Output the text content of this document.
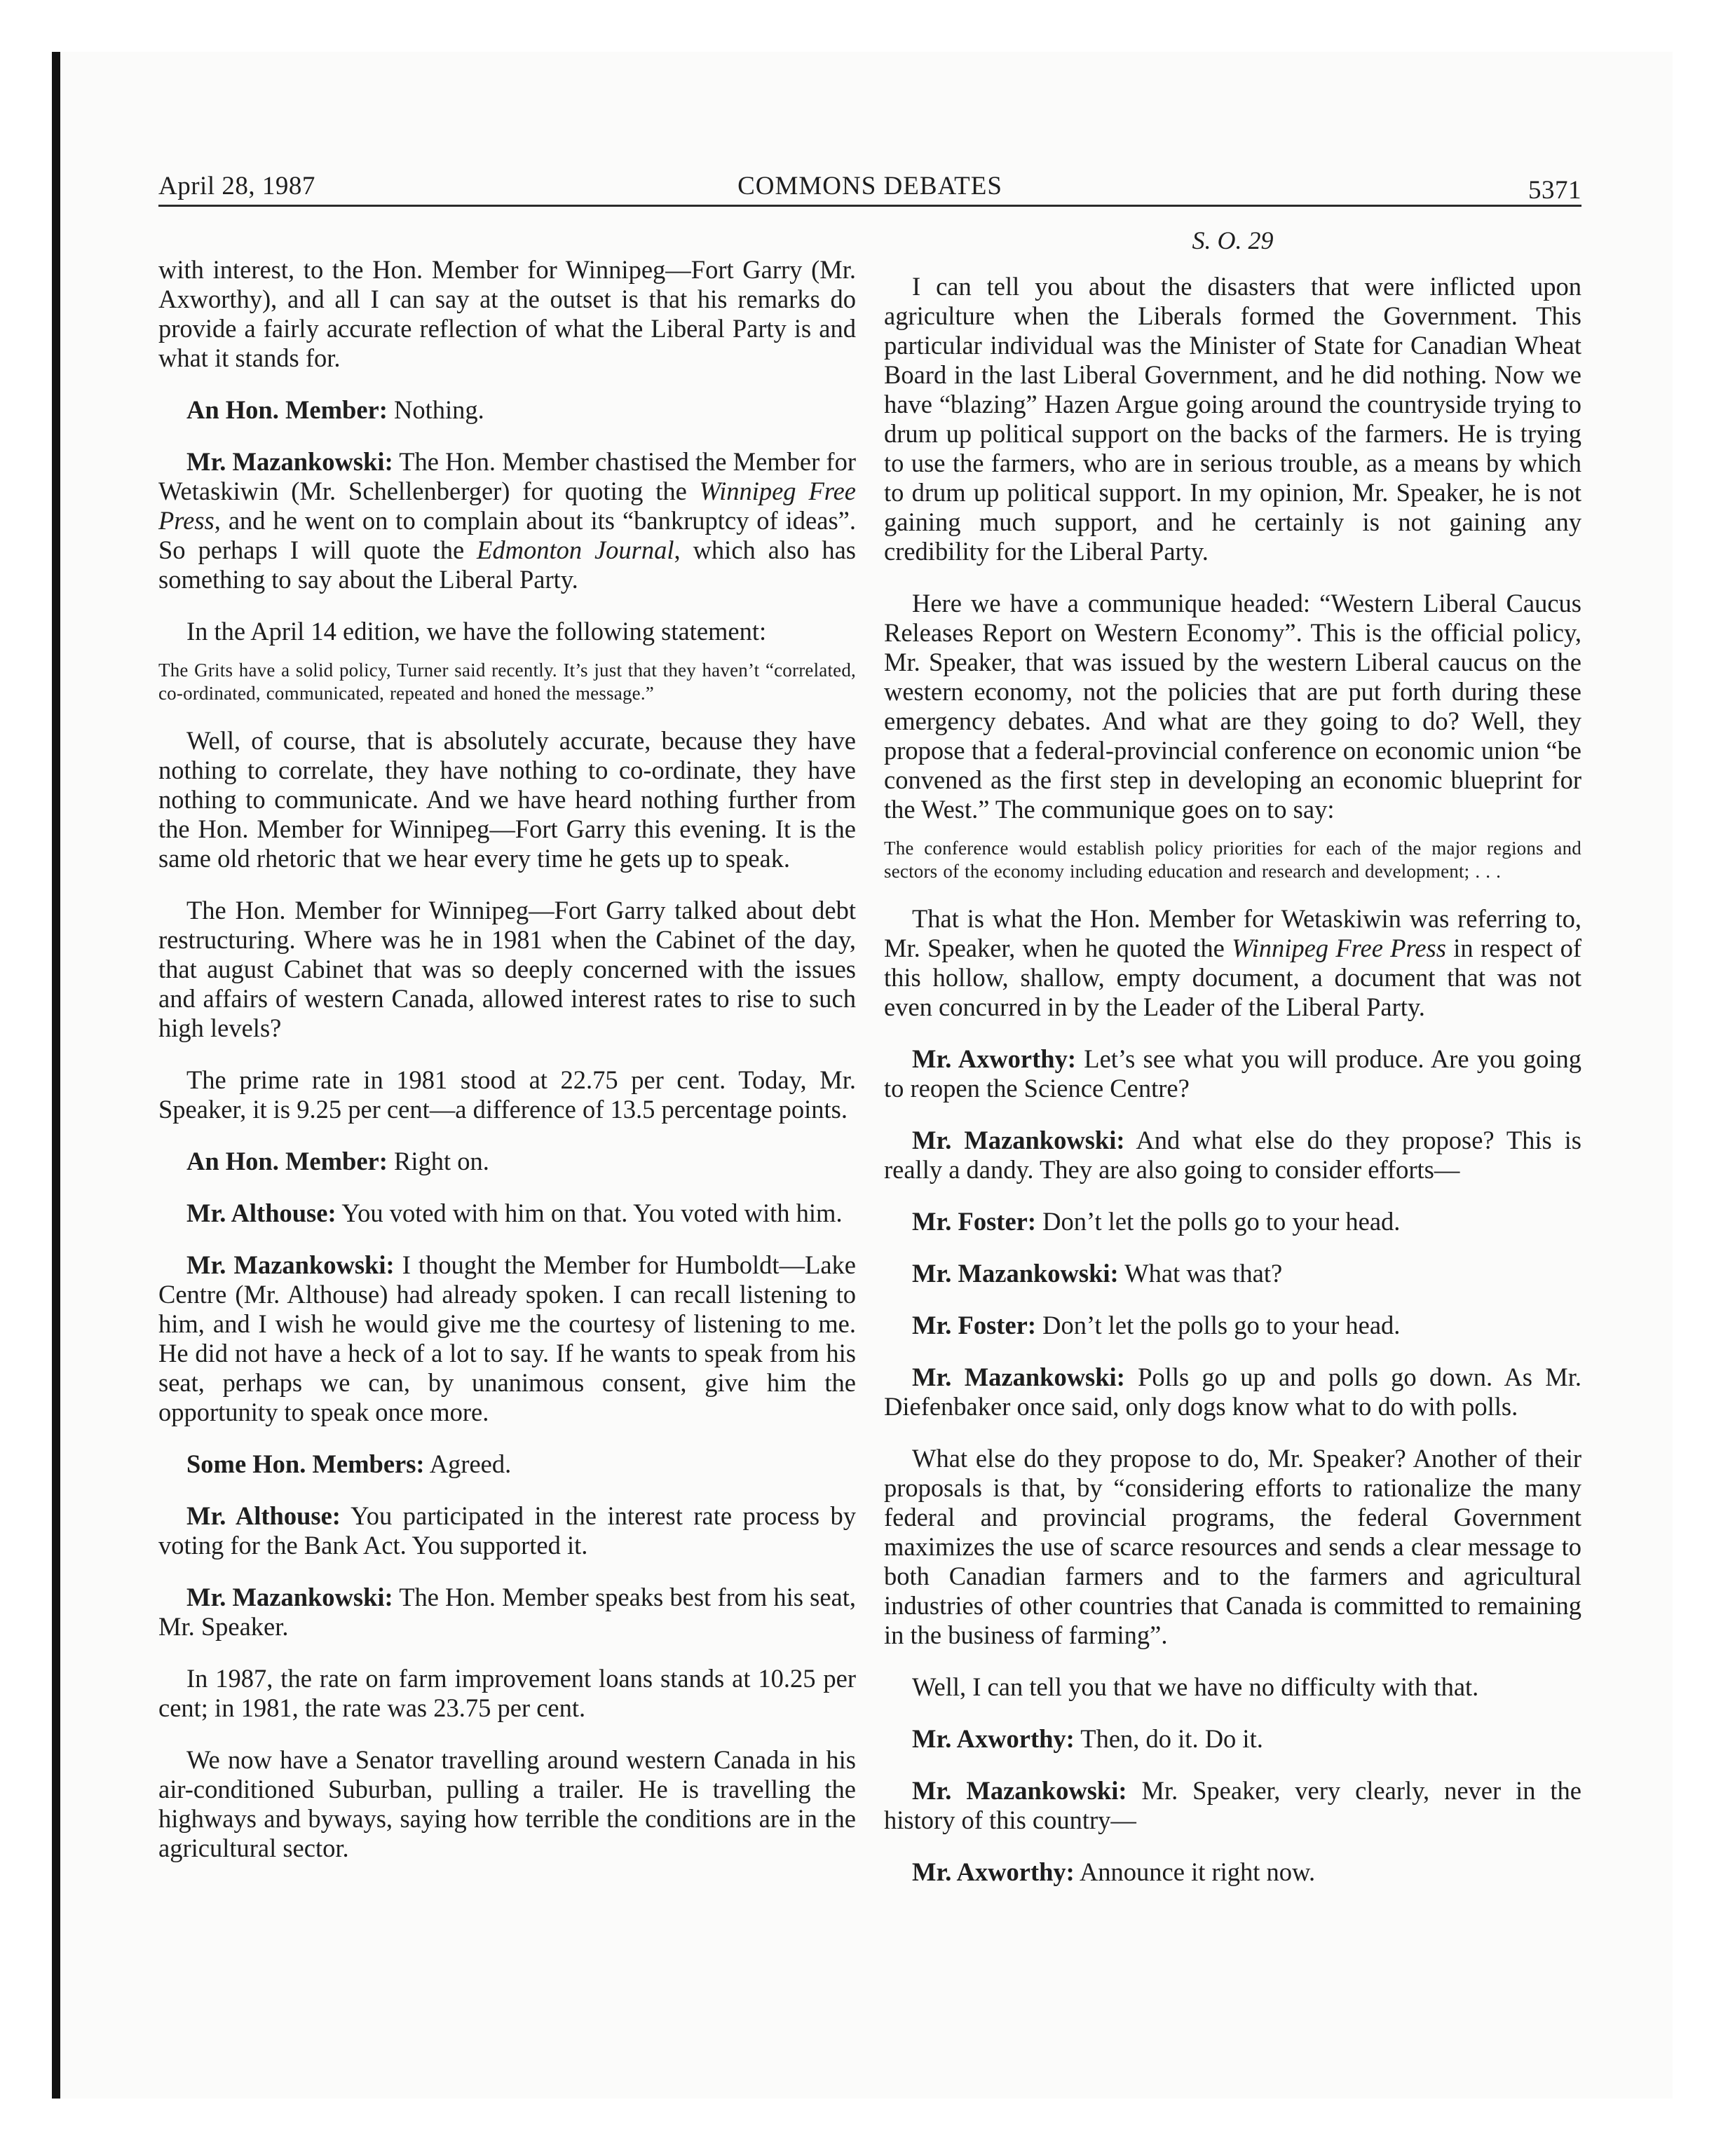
April 28, 1987	COMMONS DEBATES	5371

with interest, to the Hon. Member for Winnipeg—Fort Garry (Mr. Axworthy), and all I can say at the outset is that his remarks do provide a fairly accurate reflection of what the Liberal Party is and what it stands for.

An Hon. Member: Nothing.

Mr. Mazankowski: The Hon. Member chastised the Member for Wetaskiwin (Mr. Schellenberger) for quoting the Winnipeg Free Press, and he went on to complain about its “bankruptcy of ideas”. So perhaps I will quote the Edmonton Journal, which also has something to say about the Liberal Party.

In the April 14 edition, we have the following statement:

The Grits have a solid policy, Turner said recently. It’s just that they haven’t “correlated, co-ordinated, communicated, repeated and honed the message.”

Well, of course, that is absolutely accurate, because they have nothing to correlate, they have nothing to co-ordinate, they have nothing to communicate. And we have heard nothing further from the Hon. Member for Winnipeg—Fort Garry this evening. It is the same old rhetoric that we hear every time he gets up to speak.

The Hon. Member for Winnipeg—Fort Garry talked about debt restructuring. Where was he in 1981 when the Cabinet of the day, that august Cabinet that was so deeply concerned with the issues and affairs of western Canada, allowed interest rates to rise to such high levels?

The prime rate in 1981 stood at 22.75 per cent. Today, Mr. Speaker, it is 9.25 per cent—a difference of 13.5 percentage points.

An Hon. Member: Right on.

Mr. Althouse: You voted with him on that. You voted with him.

Mr. Mazankowski: I thought the Member for Humboldt—Lake Centre (Mr. Althouse) had already spoken. I can recall listening to him, and I wish he would give me the courtesy of listening to me. He did not have a heck of a lot to say. If he wants to speak from his seat, perhaps we can, by unanimous consent, give him the opportunity to speak once more.

Some Hon. Members: Agreed.

Mr. Althouse: You participated in the interest rate process by voting for the Bank Act. You supported it.

Mr. Mazankowski: The Hon. Member speaks best from his seat, Mr. Speaker.

In 1987, the rate on farm improvement loans stands at 10.25 per cent; in 1981, the rate was 23.75 per cent.

We now have a Senator travelling around western Canada in his air-conditioned Suburban, pulling a trailer. He is travelling the highways and byways, saying how terrible the conditions are in the agricultural sector.

S. O. 29

I can tell you about the disasters that were inflicted upon agriculture when the Liberals formed the Government. This particular individual was the Minister of State for Canadian Wheat Board in the last Liberal Government, and he did nothing. Now we have “blazing” Hazen Argue going around the countryside trying to drum up political support on the backs of the farmers. He is trying to use the farmers, who are in serious trouble, as a means by which to drum up political support. In my opinion, Mr. Speaker, he is not gaining much support, and he certainly is not gaining any credibility for the Liberal Party.

Here we have a communique headed: “Western Liberal Caucus Releases Report on Western Economy”. This is the official policy, Mr. Speaker, that was issued by the western Liberal caucus on the western economy, not the policies that are put forth during these emergency debates. And what are they going to do? Well, they propose that a federal-provincial conference on economic union “be convened as the first step in developing an economic blueprint for the West.” The communique goes on to say:

The conference would establish policy priorities for each of the major regions and sectors of the economy including education and research and development; . . .

That is what the Hon. Member for Wetaskiwin was referring to, Mr. Speaker, when he quoted the Winnipeg Free Press in respect of this hollow, shallow, empty document, a document that was not even concurred in by the Leader of the Liberal Party.

Mr. Axworthy: Let’s see what you will produce. Are you going to reopen the Science Centre?

Mr. Mazankowski: And what else do they propose? This is really a dandy. They are also going to consider efforts—

Mr. Foster: Don’t let the polls go to your head.

Mr. Mazankowski: What was that?

Mr. Foster: Don’t let the polls go to your head.

Mr. Mazankowski: Polls go up and polls go down. As Mr. Diefenbaker once said, only dogs know what to do with polls.

What else do they propose to do, Mr. Speaker? Another of their proposals is that, by “considering efforts to rationalize the many federal and provincial programs, the federal Government maximizes the use of scarce resources and sends a clear message to both Canadian farmers and to the farmers and agricultural industries of other countries that Canada is committed to remaining in the business of farming”.

Well, I can tell you that we have no difficulty with that.

Mr. Axworthy: Then, do it. Do it.

Mr. Mazankowski: Mr. Speaker, very clearly, never in the history of this country—

Mr. Axworthy: Announce it right now.
